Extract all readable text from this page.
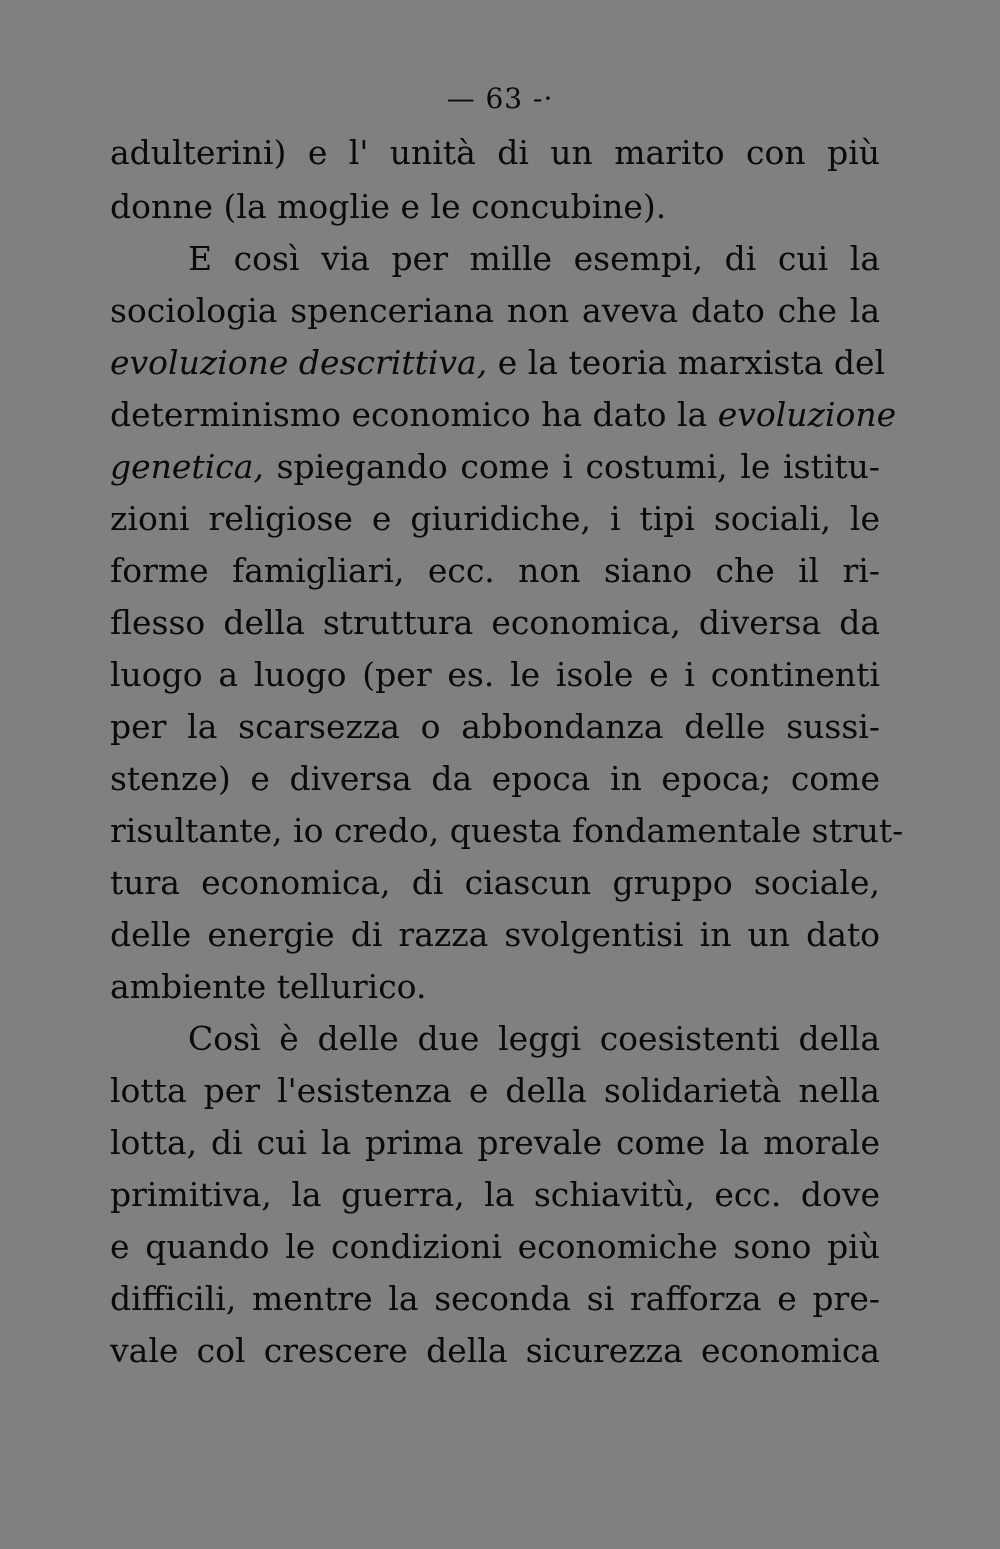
— 63 -·
adulterini) e l' unità di un marito con più
donne (la moglie e le concubine).
E così via per mille esempi, di cui la
sociologia spenceriana non aveva dato che la
evoluzione descrittiva, e la teoria marxista del
determinismo economico ha dato la evoluzione
genetica, spiegando come i costumi, le istitu-
zioni religiose e giuridiche, i tipi sociali, le
forme famigliari, ecc. non siano che il ri-
flesso della struttura economica, diversa da
luogo a luogo (per es. le isole e i continenti
per la scarsezza o abbondanza delle sussi-
stenze) e diversa da epoca in epoca; come
risultante, io credo, questa fondamentale strut-
tura economica, di ciascun gruppo sociale,
delle energie di razza svolgentisi in un dato
ambiente tellurico.
Così è delle due leggi coesistenti della
lotta per l'esistenza e della solidarietà nella
lotta, di cui la prima prevale come la morale
primitiva, la guerra, la schiavitù, ecc. dove
e quando le condizioni economiche sono più
difficili, mentre la seconda si rafforza e pre-
vale col crescere della sicurezza economica
